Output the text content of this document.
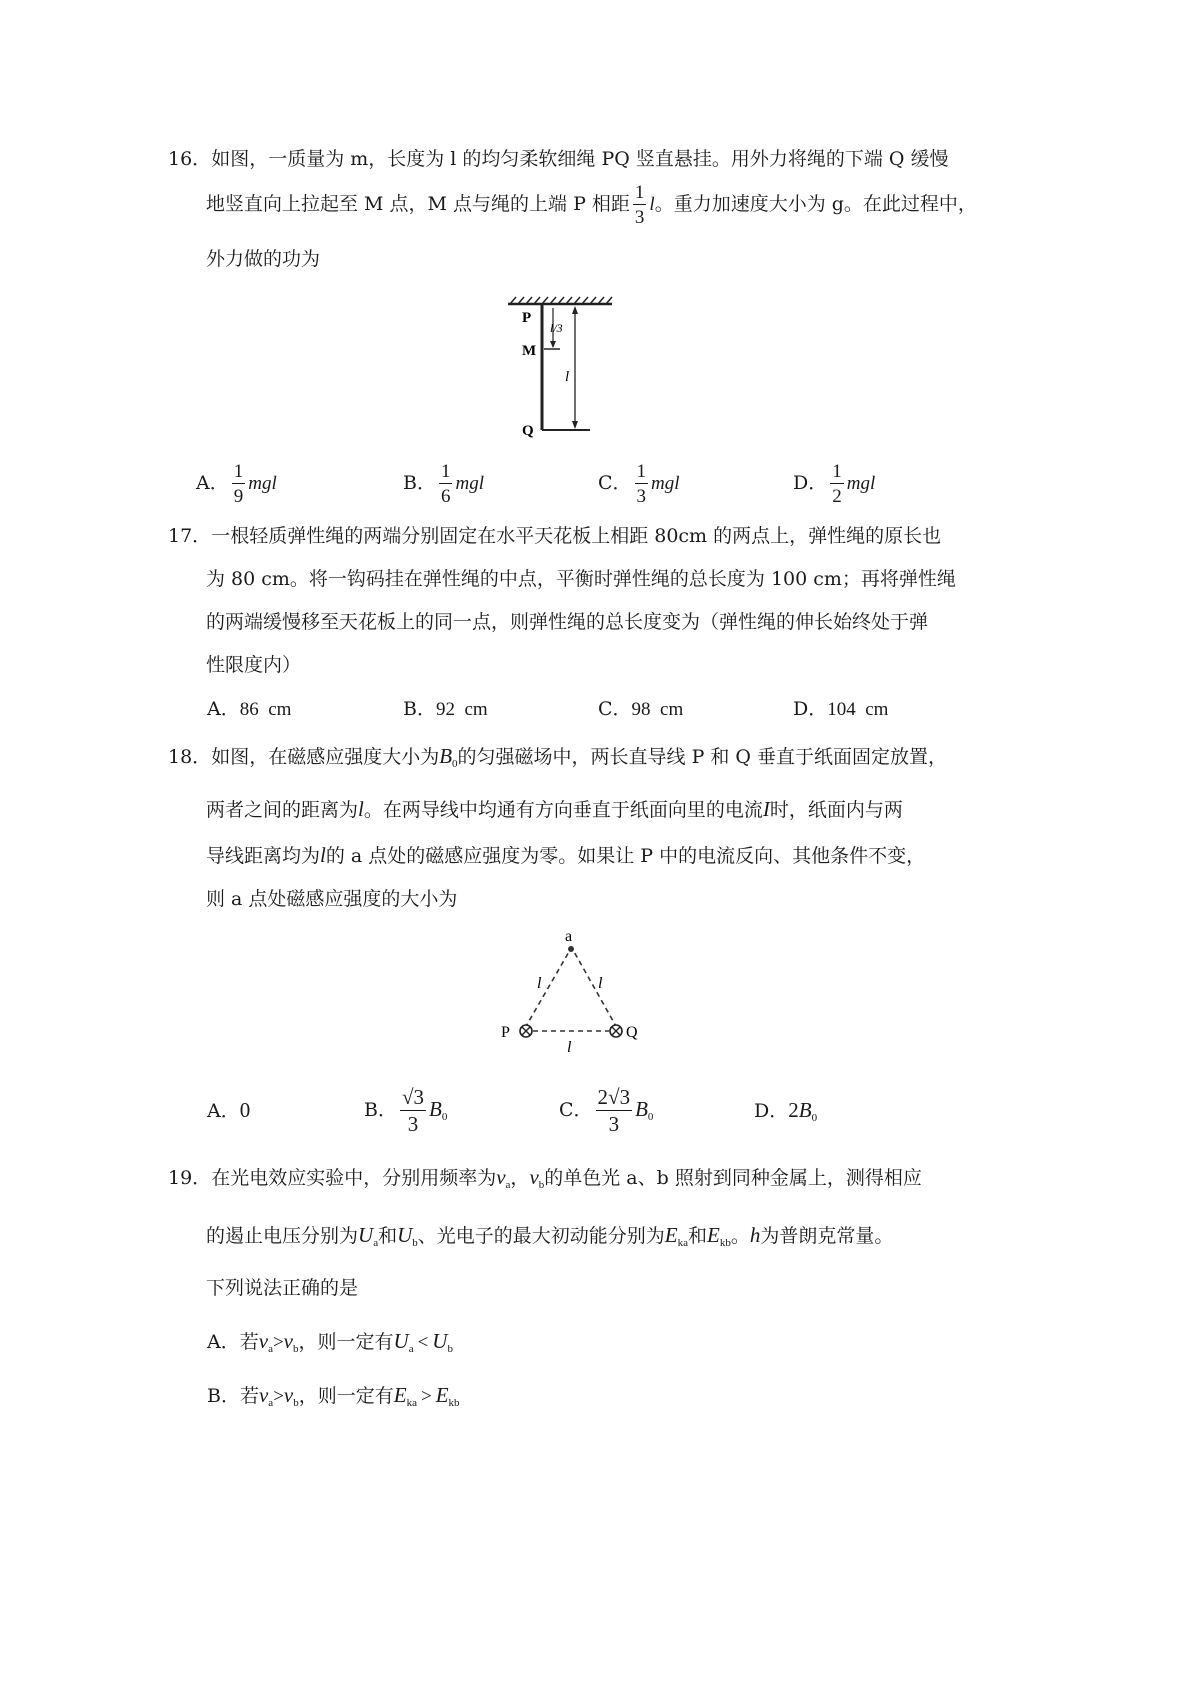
16．如图，一质量为 m，长度为 l 的均匀柔软细绳 PQ 竖直悬挂。用外力将绳的下端 Q 缓慢
地竖直向上拉起至 M 点，M 点与绳的上端 P 相距 $\frac{1}{3}$ l。重力加速度大小为 g。在此过程中，
外力做的功为
P
M
Q
l/3
l
A． $\frac{1}{9}$ mgl	B． $\frac{1}{6}$ mgl	C． $\frac{1}{3}$ mgl	D． $\frac{1}{2}$ mgl
17．一根轻质弹性绳的两端分别固定在水平天花板上相距 80cm 的两点上，弹性绳的原长也
为 80 cm。将一钩码挂在弹性绳的中点，平衡时弹性绳的总长度为 100 cm；再将弹性绳
的两端缓慢移至天花板上的同一点，则弹性绳的总长度变为（弹性绳的伸长始终处于弹
性限度内）
A．86  cm	B．92  cm	C．98  cm	D．104  cm
18．如图，在磁感应强度大小为$B_0$的匀强磁场中，两长直导线 P 和 Q 垂直于纸面固定放置，
两者之间的距离为l。在两导线中均通有方向垂直于纸面向里的电流I时，纸面内与两
导线距离均为l的 a 点处的磁感应强度为零。如果让 P 中的电流反向、其他条件不变，
则 a 点处磁感应强度的大小为
a
P	Q
l	l
l
A．0	B． $\frac{√3}{3} B_0$	C． $\frac{2√3}{3} B_0$	D．$2B_0$
19．在光电效应实验中，分别用频率为$\nu_a$，$\nu_b$的单色光 a、b 照射到同种金属上，测得相应
的遏止电压分别为$U_a$和$U_b$、光电子的最大初动能分别为$E_{ka}$和$E_{kb}$。h为普朗克常量。
下列说法正确的是
A．若$\nu_a>\nu_b$，则一定有$U_a < U_b$
B．若$\nu_a>\nu_b$，则一定有$E_{ka} > E_{kb}$
